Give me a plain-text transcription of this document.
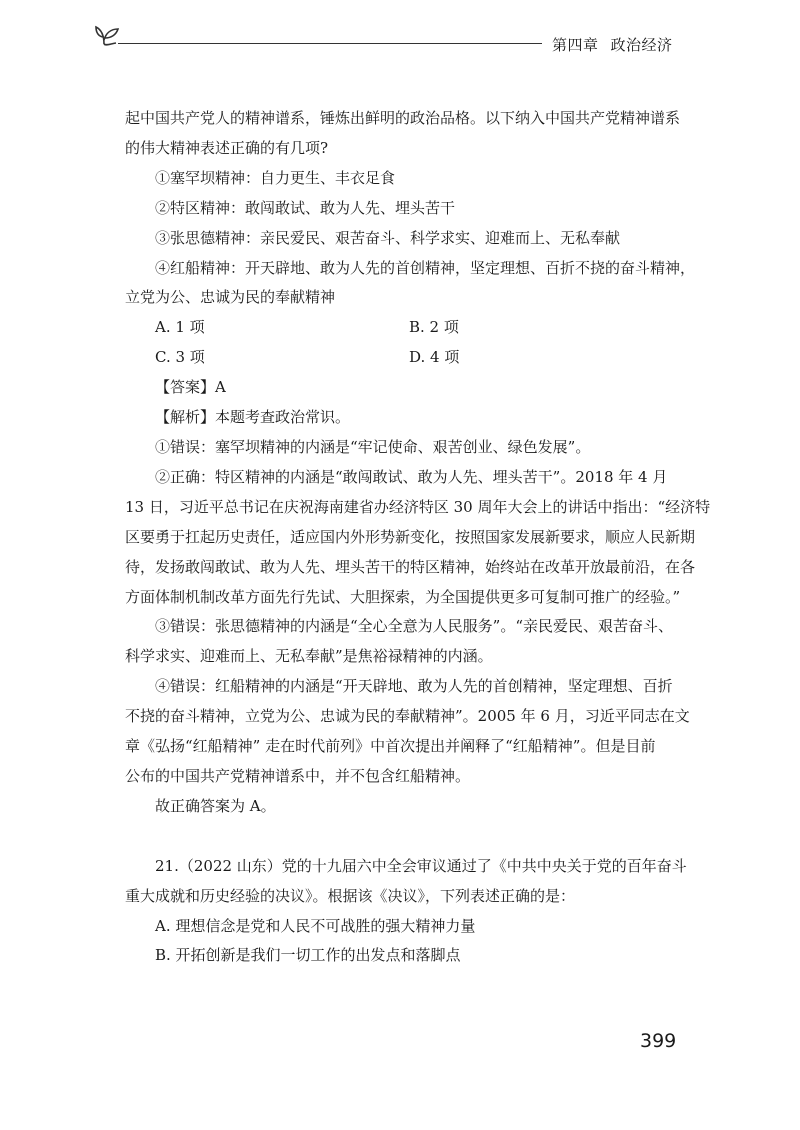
第四章 政治经济

起中国共产党人的精神谱系，锤炼出鲜明的政治品格。以下纳入中国共产党精神谱系

的伟大精神表述正确的有几项?

①塞罕坝精神：自力更生、丰衣足食

②特区精神：敢闯敢试、敢为人先、埋头苦干

③张思德精神：亲民爱民、艰苦奋斗、科学求实、迎难而上、无私奉献

④红船精神：开天辟地、敢为人先的首创精神，坚定理想、百折不挠的奋斗精神，

立党为公、忠诚为民的奉献精神

A. 1 项	B. 2 项
C. 3 项	D. 4 项

【答案】A

【解析】本题考查政治常识。

①错误：塞罕坝精神的内涵是“牢记使命、艰苦创业、绿色发展”。

②正确：特区精神的内涵是“敢闯敢试、敢为人先、埋头苦干”。2018 年 4 月

13 日，习近平总书记在庆祝海南建省办经济特区 30 周年大会上的讲话中指出：“经济特

区要勇于扛起历史责任，适应国内外形势新变化，按照国家发展新要求，顺应人民新期

待，发扬敢闯敢试、敢为人先、埋头苦干的特区精神，始终站在改革开放最前沿，在各

方面体制机制改革方面先行先试、大胆探索，为全国提供更多可复制可推广的经验。”

③错误：张思德精神的内涵是“全心全意为人民服务”。“亲民爱民、艰苦奋斗、

科学求实、迎难而上、无私奉献”是焦裕禄精神的内涵。

④错误：红船精神的内涵是“开天辟地、敢为人先的首创精神，坚定理想、百折

不挠的奋斗精神，立党为公、忠诚为民的奉献精神”。2005 年 6 月，习近平同志在文

章《弘扬“红船精神” 走在时代前列》中首次提出并阐释了“红船精神”。但是目前

公布的中国共产党精神谱系中，并不包含红船精神。

故正确答案为 A。

21.（2022 山东）党的十九届六中全会审议通过了《中共中央关于党的百年奋斗

重大成就和历史经验的决议》。根据该《决议》，下列表述正确的是：

A. 理想信念是党和人民不可战胜的强大精神力量

B. 开拓创新是我们一切工作的出发点和落脚点

399
